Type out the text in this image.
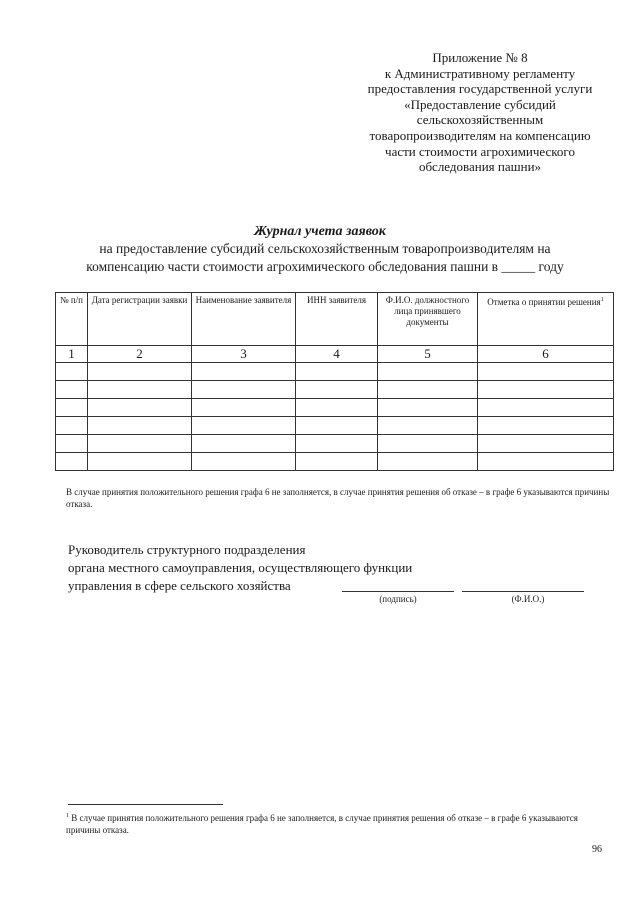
Приложение № 8
к Административному регламенту
предоставления государственной услуги
«Предоставление субсидий
сельскохозяйственным
товаропроизводителям на компенсацию
части стоимости агрохимического
обследования пашни»
Журнал учета заявок
на предоставление субсидий сельскохозяйственным товаропроизводителям на
компенсацию части стоимости агрохимического обследования пашни в _____ году
№ п/п	Дата регистрации заявки	Наименование заявителя	ИНН заявителя	Ф.И.О. должностного лица принявшего документы	Отметка о принятии решения$^1$
1	2	3	4	5	6

В случае принятия положительного решения графа 6 не заполняется, в случае принятия решения об отказе – в графе 6 указываются причины отказа.
Руководитель структурного подразделения
органа местного самоуправления, осуществляющего функции
управления в сфере сельского хозяйства
(подпись)	(Ф.И.О.)
$^1$ В случае принятия положительного решения графа 6 не заполняется, в случае принятия решения об отказе – в графе 6 указываются причины отказа.
96
